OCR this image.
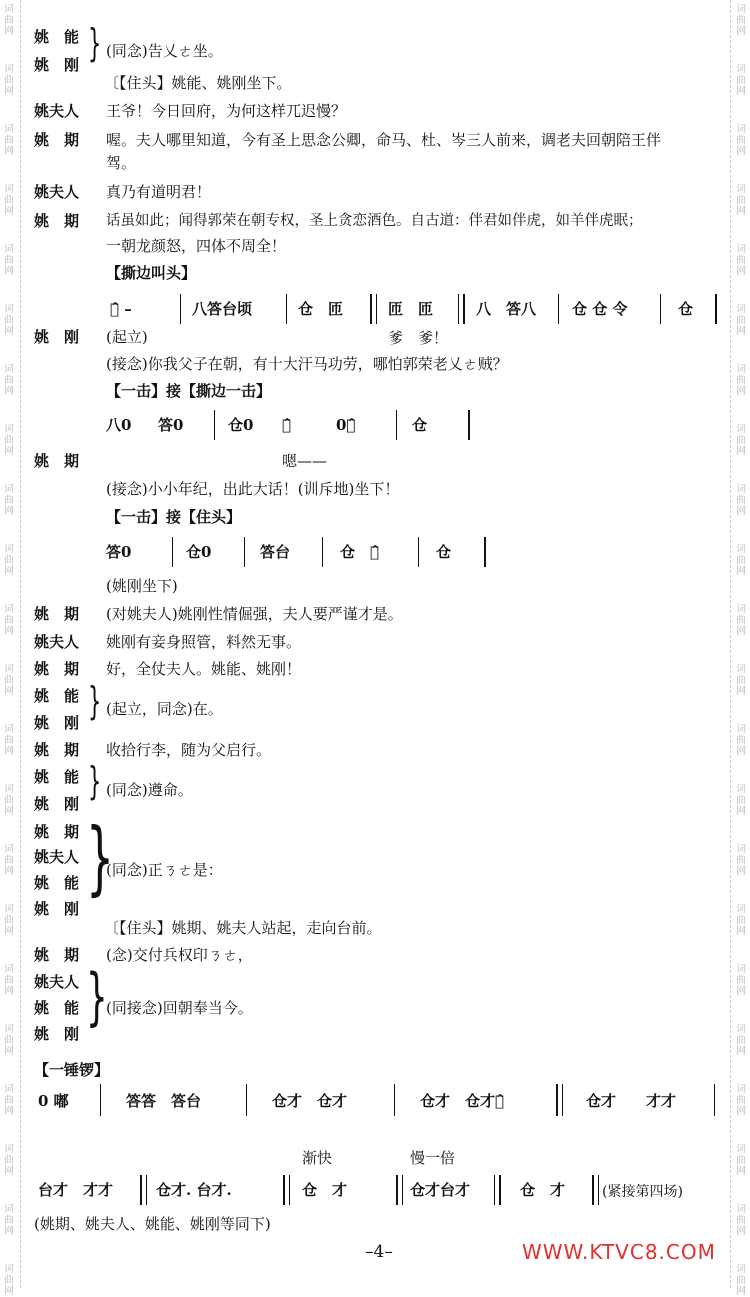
词
曲
网
词
曲
网
词
曲
网
词
曲
网
词
曲
网
词
曲
网
词
曲
网
词
曲
网
词
曲
网
词
曲
网
词
曲
网
词
曲
网
词
曲
网
词
曲
网
词
曲
网
词
曲
网
词
曲
网
词
曲
网
词
曲
网
词
曲
网
词
曲
网
词
曲
网
词
曲
网
词
曲
网
词
曲
网
词
曲
网
词
曲
网
词
曲
网
词
曲
网
词
曲
网
词
曲
网
词
曲
网
词
曲
网
词
曲
网
词
曲
网
词
曲
网
词
曲
网
词
曲
网
词
曲
网
词
曲
网
词
曲
网
词
曲
网
词
曲
网
词
曲
网
姚　能
姚　刚 } (同念)告乂ㄜ坐。
〔【住头】姚能、姚刚坐下。
姚夫人 王爷！今日回府，为何这样兀迟慢？
姚　期 喔。夫人哪里知道，今有圣上思念公卿，命马、杜、岑三人前来，调老夫回朝陪王伴
驾。
姚夫人 真乃有道明君！
姚　期 话虽如此；闻得郭荣在朝专权，圣上贪恋酒色。自古道：伴君如伴虎，如羊伴虎眠；
一朝龙颜怒，四体不周全！
【撕边叫头】
嘟̂ –	八答台顷	仓　匝	匝　匝	八　答八 仓 仓 令	仓
姚　刚 (起立)	爹　爹！
(接念)你我父子在朝，有十大汗马功劳，哪怕郭荣老乂ㄜ贼？
【一击】接【撕边一击】
八0 答0	仓0 嘟̂	0答̂	仓
姚　期	嗯——
(接念)小小年纪，出此大话！(训斥地)坐下！
【一击】接【住头】
答0	仓0	答台	仓　才̂	仓
(姚刚坐下)
姚　期 (对姚夫人)姚刚性情倔强，夫人要严谨才是。
姚夫人 姚刚有妾身照管，料然无事。
姚　期 好，全仗夫人。姚能、姚刚！
姚　能
姚　刚 } (起立，同念)在。
姚　期 收拾行李，随为父启行。
姚　能
姚　刚
} (同念)遵命。
姚　期
姚夫人
姚　能
姚　刚
}
(同念)正ㄋㄜ是：
〔【住头】姚期、姚夫人站起，走向台前。
姚　期 (念)交付兵权印ㄋㄜ，
姚夫人
姚　能
姚　刚
}
(同接念)回朝奉当今。
【一锤锣】
0 嘟	答答　答台	仓才　仓才	仓才　仓才台̂	仓才　　才才
渐快	慢一倍
台才　才才	仓才. 台才.	仓　才	仓才台才	仓　才	(紧接第四场)
(姚期、姚夫人、姚能、姚刚等同下)
–4–	WWW.KTVC8.COM
